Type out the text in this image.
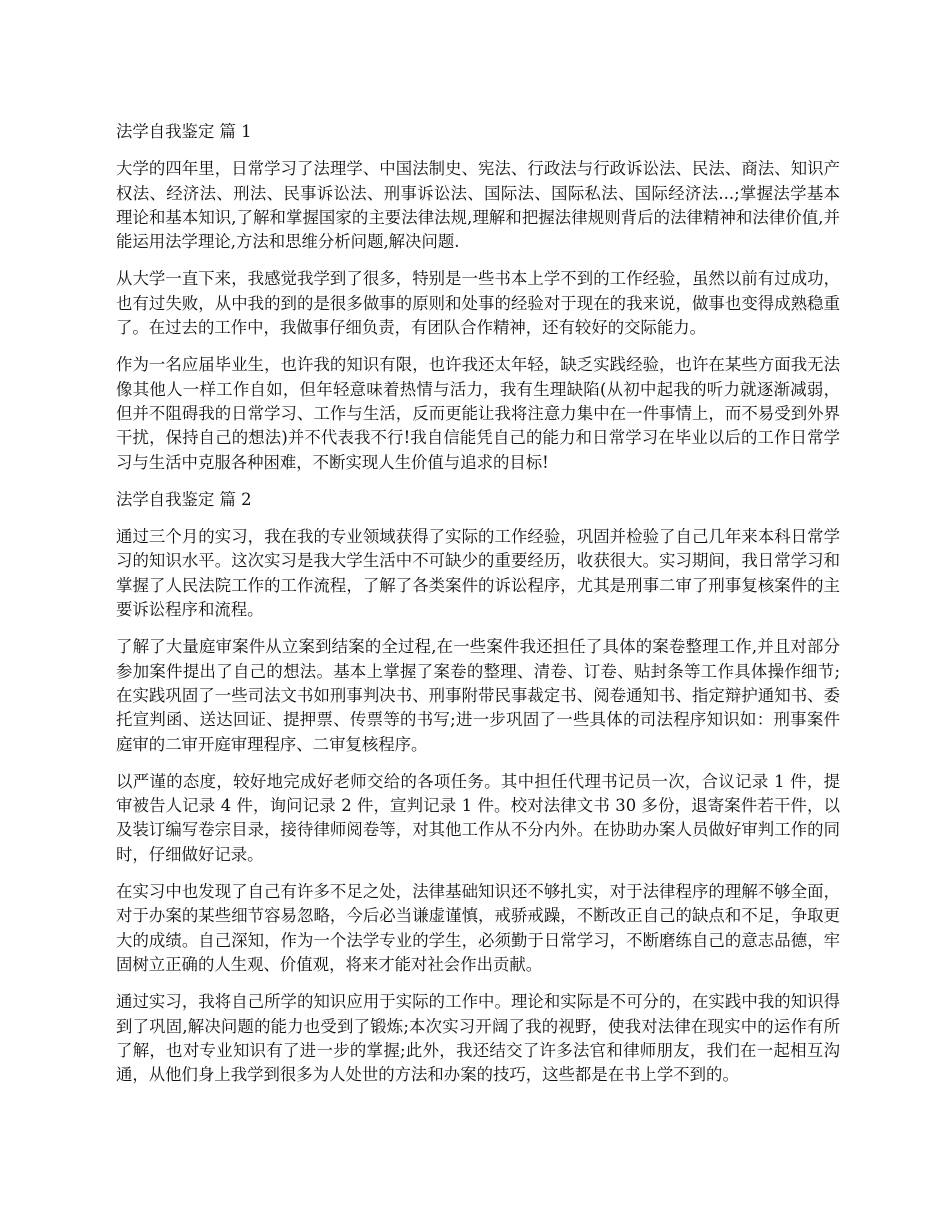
法学自我鉴定 篇 1

大学的四年里，日常学习了法理学、中国法制史、宪法、行政法与行政诉讼法、民法、商法、知识产权法、经济法、刑法、民事诉讼法、刑事诉讼法、国际法、国际私法、国际经济法...;掌握法学基本理论和基本知识,了解和掌握国家的主要法律法规,理解和把握法律规则背后的法律精神和法律价值,并能运用法学理论,方法和思维分析问题,解决问题.

从大学一直下来，我感觉我学到了很多，特别是一些书本上学不到的工作经验，虽然以前有过成功，也有过失败，从中我的到的是很多做事的原则和处事的经验对于现在的我来说，做事也变得成熟稳重了。在过去的工作中，我做事仔细负责，有团队合作精神，还有较好的交际能力。

作为一名应届毕业生，也许我的知识有限，也许我还太年轻，缺乏实践经验，也许在某些方面我无法像其他人一样工作自如，但年轻意味着热情与活力，我有生理缺陷(从初中起我的听力就逐渐减弱，但并不阻碍我的日常学习、工作与生活，反而更能让我将注意力集中在一件事情上，而不易受到外界干扰，保持自己的想法)并不代表我不行!我自信能凭自己的能力和日常学习在毕业以后的工作日常学习与生活中克服各种困难，不断实现人生价值与追求的目标!

法学自我鉴定 篇 2

通过三个月的实习，我在我的专业领域获得了实际的工作经验，巩固并检验了自己几年来本科日常学习的知识水平。这次实习是我大学生活中不可缺少的重要经历，收获很大。实习期间，我日常学习和掌握了人民法院工作的工作流程，了解了各类案件的诉讼程序，尤其是刑事二审了刑事复核案件的主要诉讼程序和流程。

了解了大量庭审案件从立案到结案的全过程,在一些案件我还担任了具体的案卷整理工作,并且对部分参加案件提出了自己的想法。基本上掌握了案卷的整理、清卷、订卷、贴封条等工作具体操作细节;在实践巩固了一些司法文书如刑事判决书、刑事附带民事裁定书、阅卷通知书、指定辩护通知书、委托宣判函、送达回证、提押票、传票等的书写;进一步巩固了一些具体的司法程序知识如：刑事案件庭审的二审开庭审理程序、二审复核程序。

以严谨的态度，较好地完成好老师交给的各项任务。其中担任代理书记员一次，合议记录 1 件，提审被告人记录 4 件，询问记录 2 件，宣判记录 1 件。校对法律文书 30 多份，退寄案件若干件，以及装订编写卷宗目录，接待律师阅卷等，对其他工作从不分内外。在协助办案人员做好审判工作的同时，仔细做好记录。

在实习中也发现了自己有许多不足之处，法律基础知识还不够扎实，对于法律程序的理解不够全面，对于办案的某些细节容易忽略，今后必当谦虚谨慎，戒骄戒躁，不断改正自己的缺点和不足，争取更大的成绩。自己深知，作为一个法学专业的学生，必须勤于日常学习，不断磨练自己的意志品德，牢固树立正确的人生观、价值观，将来才能对社会作出贡献。

通过实习，我将自己所学的知识应用于实际的工作中。理论和实际是不可分的，在实践中我的知识得到了巩固,解决问题的能力也受到了锻炼;本次实习开阔了我的视野，使我对法律在现实中的运作有所了解，也对专业知识有了进一步的掌握;此外，我还结交了许多法官和律师朋友，我们在一起相互沟通，从他们身上我学到很多为人处世的方法和办案的技巧，这些都是在书上学不到的。
